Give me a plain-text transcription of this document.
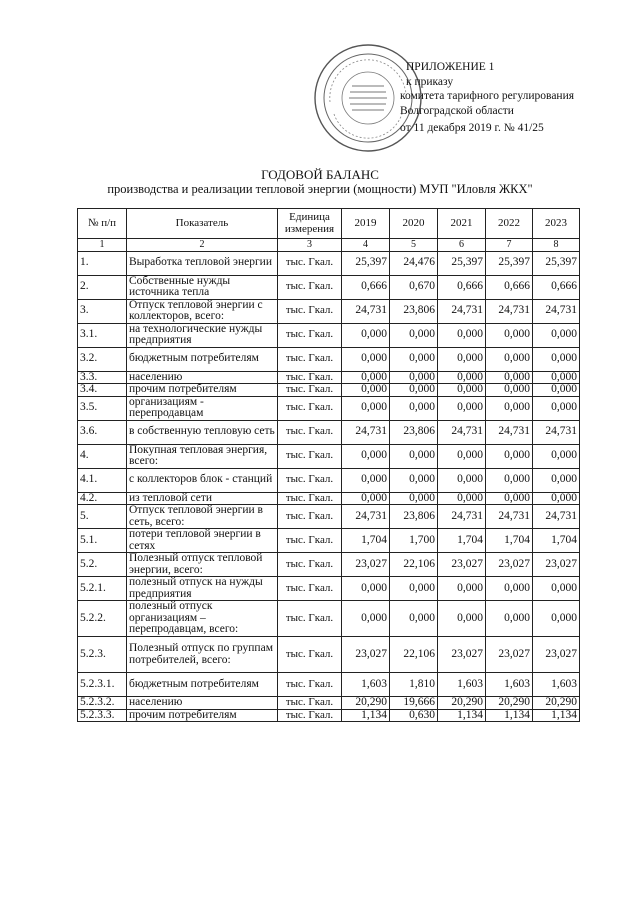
ПРИЛОЖЕНИЕ 1
к приказу
комитета тарифного регулирования
Волгоградской области
от 11 декабря 2019 г. № 41/25
ГОДОВОЙ БАЛАНС
производства и реализации тепловой энергии (мощности) МУП "Иловля ЖКХ"
№ п/п	Показатель	Единица измерения	2019	2020	2021	2022	2023
1	2	3	4	5	6	7	8
1.	Выработка тепловой энергии	тыс. Гкал.	25,397	24,476	25,397	25,397	25,397
2.	Собственные нужды источника тепла	тыс. Гкал.	0,666	0,670	0,666	0,666	0,666
3.	Отпуск тепловой энергии с коллекторов, всего:	тыс. Гкал.	24,731	23,806	24,731	24,731	24,731
3.1.	на технологические нужды предприятия	тыс. Гкал.	0,000	0,000	0,000	0,000	0,000
3.2.	бюджетным потребителям	тыс. Гкал.	0,000	0,000	0,000	0,000	0,000
3.3.	населению	тыс. Гкал.	0,000	0,000	0,000	0,000	0,000
3.4.	прочим потребителям	тыс. Гкал.	0,000	0,000	0,000	0,000	0,000
3.5.	организациям - перепродавцам	тыс. Гкал.	0,000	0,000	0,000	0,000	0,000
3.6.	в собственную тепловую сеть	тыс. Гкал.	24,731	23,806	24,731	24,731	24,731
4.	Покупная тепловая энергия, всего:	тыс. Гкал.	0,000	0,000	0,000	0,000	0,000
4.1.	с коллекторов блок - станций	тыс. Гкал.	0,000	0,000	0,000	0,000	0,000
4.2.	из тепловой сети	тыс. Гкал.	0,000	0,000	0,000	0,000	0,000
5.	Отпуск тепловой энергии в сеть, всего:	тыс. Гкал.	24,731	23,806	24,731	24,731	24,731
5.1.	потери тепловой энергии в сетях	тыс. Гкал.	1,704	1,700	1,704	1,704	1,704
5.2.	Полезный отпуск тепловой энергии, всего:	тыс. Гкал.	23,027	22,106	23,027	23,027	23,027
5.2.1.	полезный отпуск на нужды предприятия	тыс. Гкал.	0,000	0,000	0,000	0,000	0,000
5.2.2.	полезный отпуск организациям – перепродавцам, всего:	тыс. Гкал.	0,000	0,000	0,000	0,000	0,000
5.2.3.	Полезный отпуск по группам потребителей, всего:	тыс. Гкал.	23,027	22,106	23,027	23,027	23,027
5.2.3.1.	бюджетным потребителям	тыс. Гкал.	1,603	1,810	1,603	1,603	1,603
5.2.3.2.	населению	тыс. Гкал.	20,290	19,666	20,290	20,290	20,290
5.2.3.3.	прочим потребителям	тыс. Гкал.	1,134	0,630	1,134	1,134	1,134
